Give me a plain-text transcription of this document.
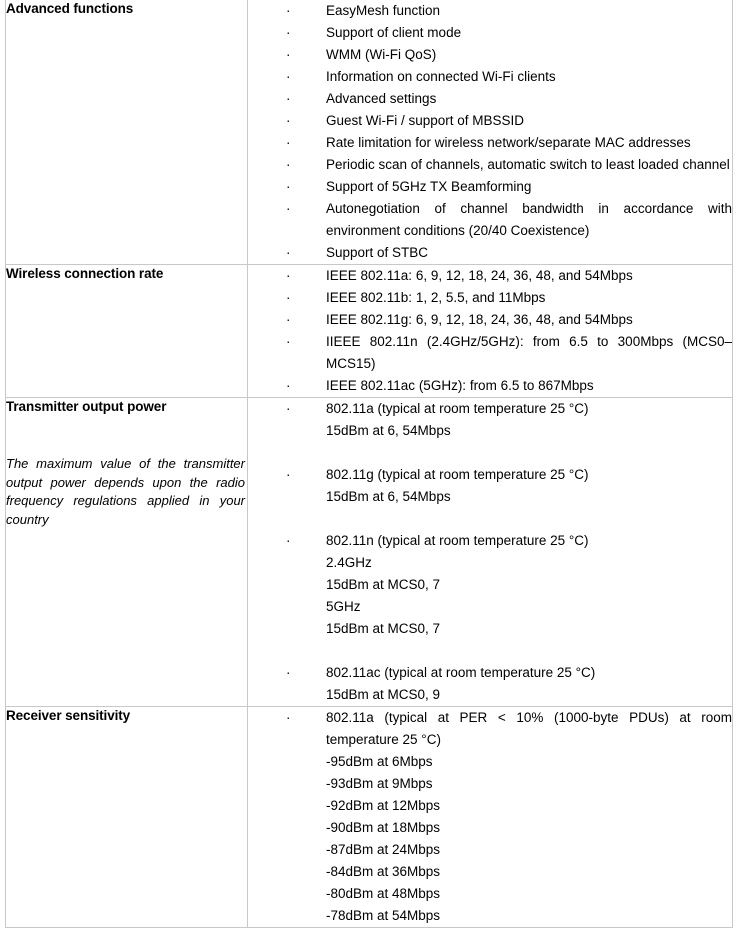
Advanced functions

·EasyMesh function
· Support of client mode
· WMM (Wi-Fi QoS)
· Information on connected Wi-Fi clients
· Advanced settings
· Guest Wi-Fi / support of MBSSID
· Rate limitation for wireless network/separate MAC addresses
· Periodic scan of channels, automatic switch to least loaded channel
· Support of 5GHz TX Beamforming
· Autonegotiation of channel bandwidth in accordance with environment conditions (20/40 Coexistence)
· Support of STBC

Wireless connection rate

·IEEE 802.11a: 6, 9, 12, 18, 24, 36, 48, and 54Mbps
· IEEE 802.11b: 1, 2, 5.5, and 11Mbps
· IEEE 802.11g: 6, 9, 12, 18, 24, 36, 48, and 54Mbps
· IIEEE 802.11n (2.4GHz/5GHz): from 6.5 to 300Mbps (MCS0–MCS15)
· IEEE 802.11ac (5GHz): from 6.5 to 867Mbps

Transmitter output power
The maximum value of the transmitter output power depends upon the radio frequency regulations applied in your country

· 802.11a (typical at room temperature 25 °C)
15dBm at 6, 54Mbps
· 802.11g (typical at room temperature 25 °C)
15dBm at 6, 54Mbps
· 802.11n (typical at room temperature 25 °C)
2.4GHz
15dBm at MCS0, 7
5GHz
15dBm at MCS0, 7
· 802.11ac (typical at room temperature 25 °C)
15dBm at MCS0, 9

Receiver sensitivity

·802.11a (typical at PER < 10% (1000-byte PDUs) at room temperature 25 °C)
-95dBm at 6Mbps
-93dBm at 9Mbps
-92dBm at 12Mbps
-90dBm at 18Mbps
-87dBm at 24Mbps
-84dBm at 36Mbps
-80dBm at 48Mbps
-78dBm at 54Mbps
